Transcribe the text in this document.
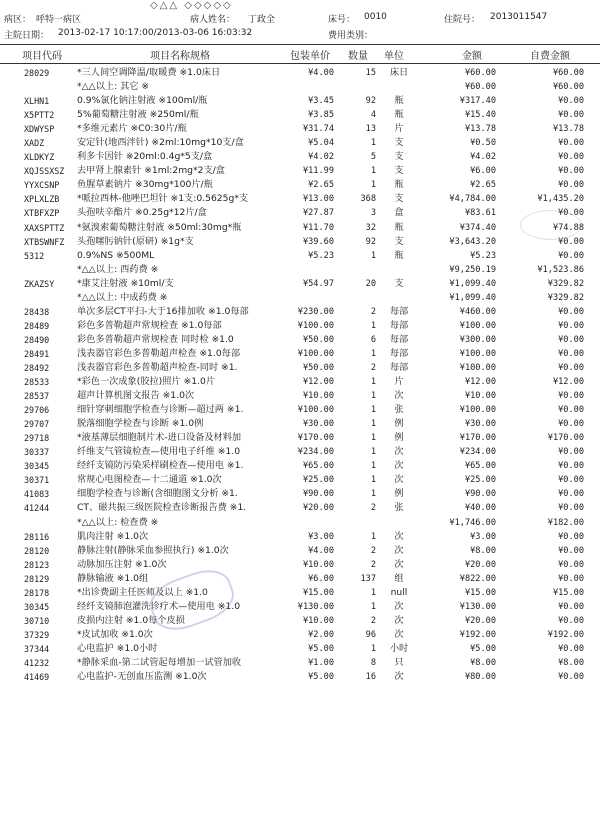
◇△△ ◇◇◇◇◇
病区： 呼特一病区	病人姓名： 丁政全	床号： 0010	住院号： 2013011547
主院日期： 2013-02-17 10:17:00/2013-03-06 16:03:32	费用类别：
项目代码	项目名称规格	包装单价 数量 单位	金额	自费金额
28029	*三人间空调降温/取暖费 ※1.0床日	¥4.00	15	床日	¥60.00	¥60.00
*△△以上: 其它 ※	¥60.00	¥60.00
XLHN1	0.9%氯化钠注射液 ※100ml/瓶	¥3.45	92	瓶	¥317.40	¥0.00
X5PTT2	5%葡萄糖注射液 ※250ml/瓶	¥3.85	4	瓶	¥15.40	¥0.00
XDWYSP	*多维元素片 ※C0:30片/瓶	¥31.74	13	片	¥13.78	¥13.78
XADZ	安定针(地西泮针) ※2ml:10mg*10支/盒	¥5.04	1	支	¥0.50	¥0.00
XLDKYZ	利多卡因针 ※20ml:0.4g*5支/盒	¥4.02	5	支	¥4.02	¥0.00
XQJSSXSZ	去甲肾上腺素针 ※1ml:2mg*2支/盒	¥11.99	1	支	¥6.00	¥0.00
YYXCSNP	鱼腥草素钠片 ※30mg*100片/瓶	¥2.65	1	瓶	¥2.65	¥0.00
XPLXLZB	*哌拉西林-他唑巴坦针 ※1支:0.5625g*支	¥13.00	368	支	¥4,784.00	¥1,435.20
XTBFXZP	头孢呋辛酯片 ※0.25g*12片/盒	¥27.87	3	盒	¥83.61	¥0.00
XAXSPTTZ	*氨溴索葡萄糖注射液 ※50ml:30mg*瓶	¥11.70	32	瓶	¥374.40	¥74.88
XTBSWNFZ	头孢噻肟钠针(原研) ※1g*支	¥39.60	92	支	¥3,643.20	¥0.00
5312	0.9%NS ※500ML	¥5.23	1	瓶	¥5.23	¥0.00
*△△以上: 西药费 ※	¥9,250.19	¥1,523.86
ZKAZSY	*康艾注射液 ※10ml/支	¥54.97	20	支	¥1,099.40	¥329.82
*△△以上: 中成药费 ※	¥1,099.40	¥329.82
28438	单次多层CT平扫-大于16排加收 ※1.0每部	¥230.00	2	每部	¥460.00	¥0.00
28489	彩色多普勒超声常规检查 ※1.0每部	¥100.00	1	每部	¥100.00	¥0.00
28490	彩色多普勒超声常规检查 同时检 ※1.0	¥50.00	6	每部	¥300.00	¥0.00
28491	浅表器官彩色多普勒超声检查 ※1.0每部	¥100.00	1	每部	¥100.00	¥0.00
28492	浅表器官彩色多普勒超声检查-同时 ※1.	¥50.00	2	每部	¥100.00	¥0.00
28533	*彩色一次成象(胶拉)照片 ※1.0片	¥12.00	1	片	¥12.00	¥12.00
28537	超声计算机图文报告 ※1.0次	¥10.00	1	次	¥10.00	¥0.00
29706	细针穿刺细胞学检查与诊断—超过两 ※1.	¥100.00	1	张	¥100.00	¥0.00
29707	脱落细胞学检查与诊断 ※1.0例	¥30.00	1	例	¥30.00	¥0.00
29718	*液基薄层细胞制片术-进口设备及材料加	¥170.00	1	例	¥170.00	¥170.00
30337	纤维支气管镜检查—使用电子纤维 ※1.0	¥234.00	1	次	¥234.00	¥0.00
30345	经纤支镜防污染采样刷检查—使用电 ※1.	¥65.00	1	次	¥65.00	¥0.00
30371	常规心电图检查—十二通道 ※1.0次	¥25.00	1	次	¥25.00	¥0.00
41083	细胞学检查与诊断(含细胞图文分析 ※1.	¥90.00	1	例	¥90.00	¥0.00
41244	CT、磁共振三级医院检查诊断报告费 ※1.	¥20.00	2	张	¥40.00	¥0.00
*△△以上: 检查费 ※	¥1,746.00	¥182.00
28116	肌肉注射 ※1.0次	¥3.00	1	次	¥3.00	¥0.00
28120	静脉注射(静脉采血参照执行) ※1.0次	¥4.00	2	次	¥8.00	¥0.00
28123	动脉加压注射 ※1.0次	¥10.00	2	次	¥20.00	¥0.00
28129	静脉输液 ※1.0组	¥6.00	137	组	¥822.00	¥0.00
28178	*出诊费副主任医师及以上 ※1.0	¥15.00	1	null	¥15.00	¥15.00
30345	经纤支镜肺泡灌洗诊疗术—使用电 ※1.0	¥130.00	1	次	¥130.00	¥0.00
30710	皮损内注射 ※1.0每个皮损	¥10.00	2	次	¥20.00	¥0.00
37329	*皮试加收 ※1.0次	¥2.00	96	次	¥192.00	¥192.00
37344	心电监护 ※1.0小时	¥5.00	1	小时	¥5.00	¥0.00
41232	*静脉采血-第二试管起每增加一试管加收	¥1.00	8	只	¥8.00	¥8.00
41469	心电监护-无创血压监测 ※1.0次	¥5.00	16	次	¥80.00	¥0.00
